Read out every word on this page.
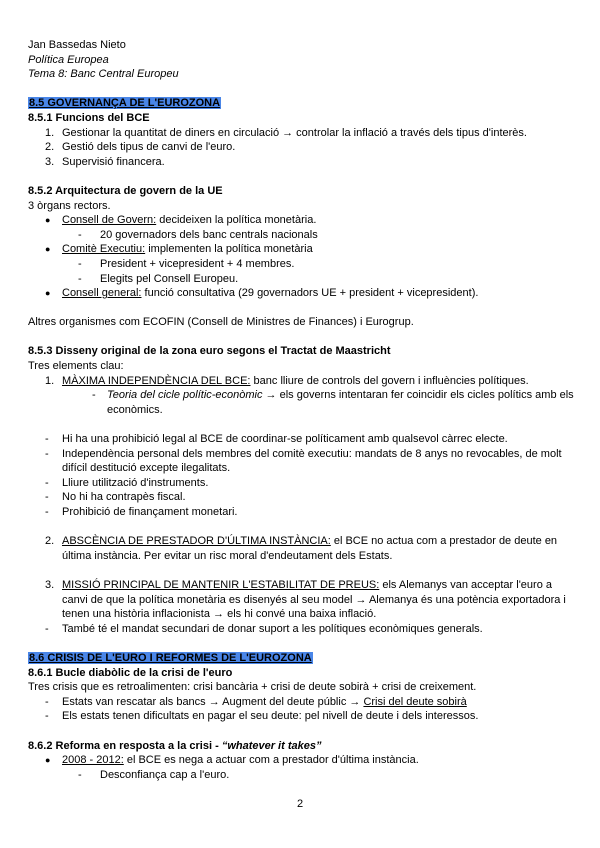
Jan Bassedas Nieto

Política Europea

Tema 8: Banc Central Europeu

8.5 GOVERNANÇA DE L'EUROZONA

8.5.1 Funcions del BCE

1. Gestionar la quantitat de diners en circulació → controlar la inflació a través dels tipus d'interès.
2. Gestió dels tipus de canvi de l'euro.
3. Supervisió financera.

8.5.2 Arquitectura de govern de la UE

3 òrgans rectors.

● Consell de Govern: decideixen la política monetària.
- 20 governadors dels banc centrals nacionals
● Comitè Executiu: implementen la política monetària
- President + vicepresident + 4 membres.
- Elegits pel Consell Europeu.
● Consell general: funció consultativa (29 governadors UE + president + vicepresident).

Altres organismes com ECOFIN (Consell de Ministres de Finances) i Eurogrup.

8.5.3 Disseny original de la zona euro segons el Tractat de Maastricht

Tres elements clau:

1. MÀXIMA INDEPENDÈNCIA DEL BCE: banc lliure de controls del govern i influències polítiques.
- Teoria del cicle polític-econòmic → els governs intentaran fer coincidir els cicles polítics amb els econòmics.
- Hi ha una prohibició legal al BCE de coordinar-se políticament amb qualsevol càrrec electe.
- Independència personal dels membres del comitè executiu: mandats de 8 anys no revocables, de molt difícil destitució excepte ilegalitats.
- Lliure utilització d'instruments.
- No hi ha contrapès fiscal.
- Prohibició de finançament monetari.
2. ABSCÈNCIA DE PRESTADOR D'ÚLTIMA INSTÀNCIA: el BCE no actua com a prestador de deute en última instància. Per evitar un risc moral d'endeutament dels Estats.
3. MISSIÓ PRINCIPAL DE MANTENIR L'ESTABILITAT DE PREUS: els Alemanys van acceptar l'euro a canvi de que la política monetària es disenyés al seu model → Alemanya és una potència exportadora i tenen una història inflacionista → els hi convé una baixa inflació.
- També té el mandat secundari de donar suport a les polítiques econòmiques generals.

8.6 CRISIS DE L'EURO I REFORMES DE L'EUROZONA

8.6.1 Bucle diabòlic de la crisi de l'euro

Tres crisis que es retroalimenten: crisi bancària + crisi de deute sobirà + crisi de creixement.

- Estats van rescatar als bancs → Augment del deute públic → Crisi del deute sobirà
- Els estats tenen dificultats en pagar el seu deute: pel nivell de deute i dels interessos.

8.6.2 Reforma en resposta a la crisi - “whatever it takes”

● 2008 - 2012: el BCE es nega a actuar com a prestador d'última instància.
- Desconfiança cap a l'euro.
2
